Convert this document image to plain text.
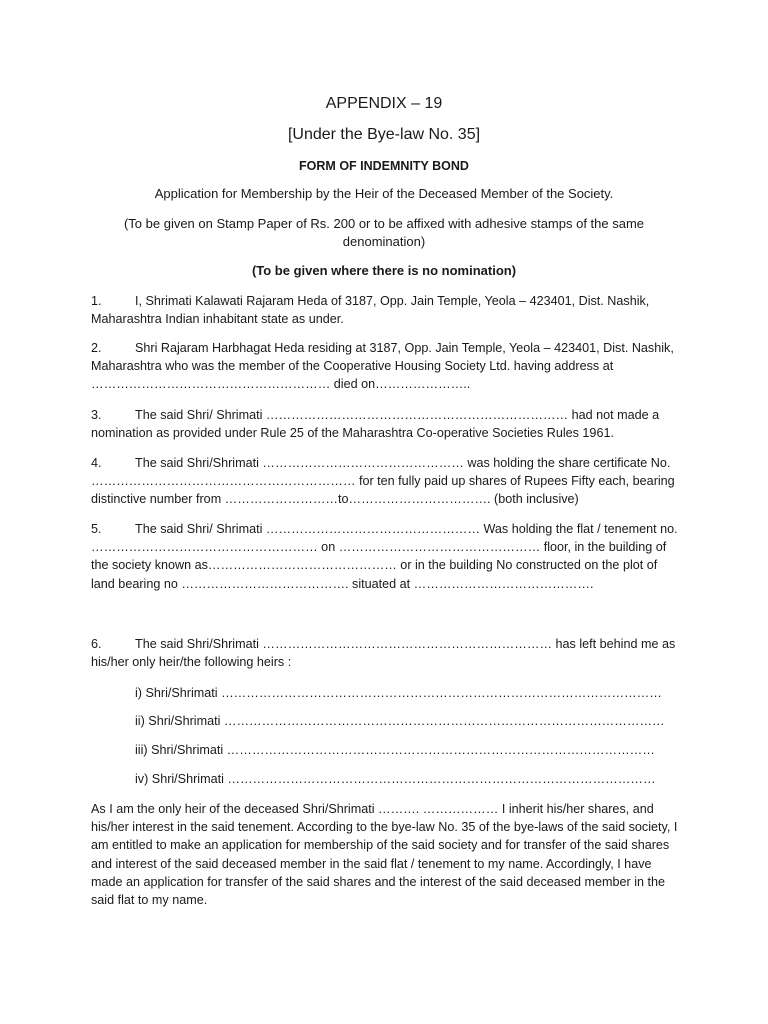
APPENDIX – 19
[Under the Bye-law No. 35]
FORM OF INDEMNITY BOND
Application for Membership by the Heir of the Deceased Member of the Society.
(To be given on Stamp Paper of Rs. 200 or to be affixed with adhesive stamps of the same denomination)
(To be given where there is no nomination)
1.	I, Shrimati Kalawati Rajaram Heda of 3187, Opp. Jain Temple, Yeola – 423401, Dist. Nashik, Maharashtra Indian inhabitant state as under.
2.	Shri Rajaram Harbhagat Heda residing at 3187, Opp. Jain Temple, Yeola – 423401, Dist. Nashik, Maharashtra who was the member of the Cooperative Housing Society Ltd. having address at ………………………………………………… died on…………………..
3.	The said Shri/ Shrimati ……………………………………………………………… had not made a nomination as provided under Rule 25 of the Maharashtra Co-operative Societies Rules 1961.
4.	The said Shri/Shrimati ………………………………………… was holding the share certificate No. ……………………………………………………… for ten fully paid up shares of Rupees Fifty each, bearing distinctive number from ………………………to……………………………. (both inclusive)
5.	The said Shri/ Shrimati …………………………………………… Was holding the flat / tenement no. ……………………………………………… on ………………………………………… floor, in the building of the society known as……………………………………… or in the building No constructed on the plot of land bearing no …………………………………. situated at …………………………………….
6.	The said Shri/Shrimati …………………………………………………………… has left behind me as his/her only heir/the following heirs :
i) Shri/Shrimati ……………………………………………………………………………………………
ii) Shri/Shrimati ……………………………………………………………………………………………
iii) Shri/Shrimati …………………………………………………………………………………………
iv) Shri/Shrimati …………………………………………………………………………………………
As I am the only heir of the deceased Shri/Shrimati ………. ……………… I inherit his/her shares, and his/her interest in the said tenement. According to the bye-law No. 35 of the bye-laws of the said society, I am entitled to make an application for membership of the said society and for transfer of the said shares and interest of the said deceased member in the said flat / tenement to my name. Accordingly, I have made an application for transfer of the said shares and the interest of the said deceased member in the said flat to my name.
